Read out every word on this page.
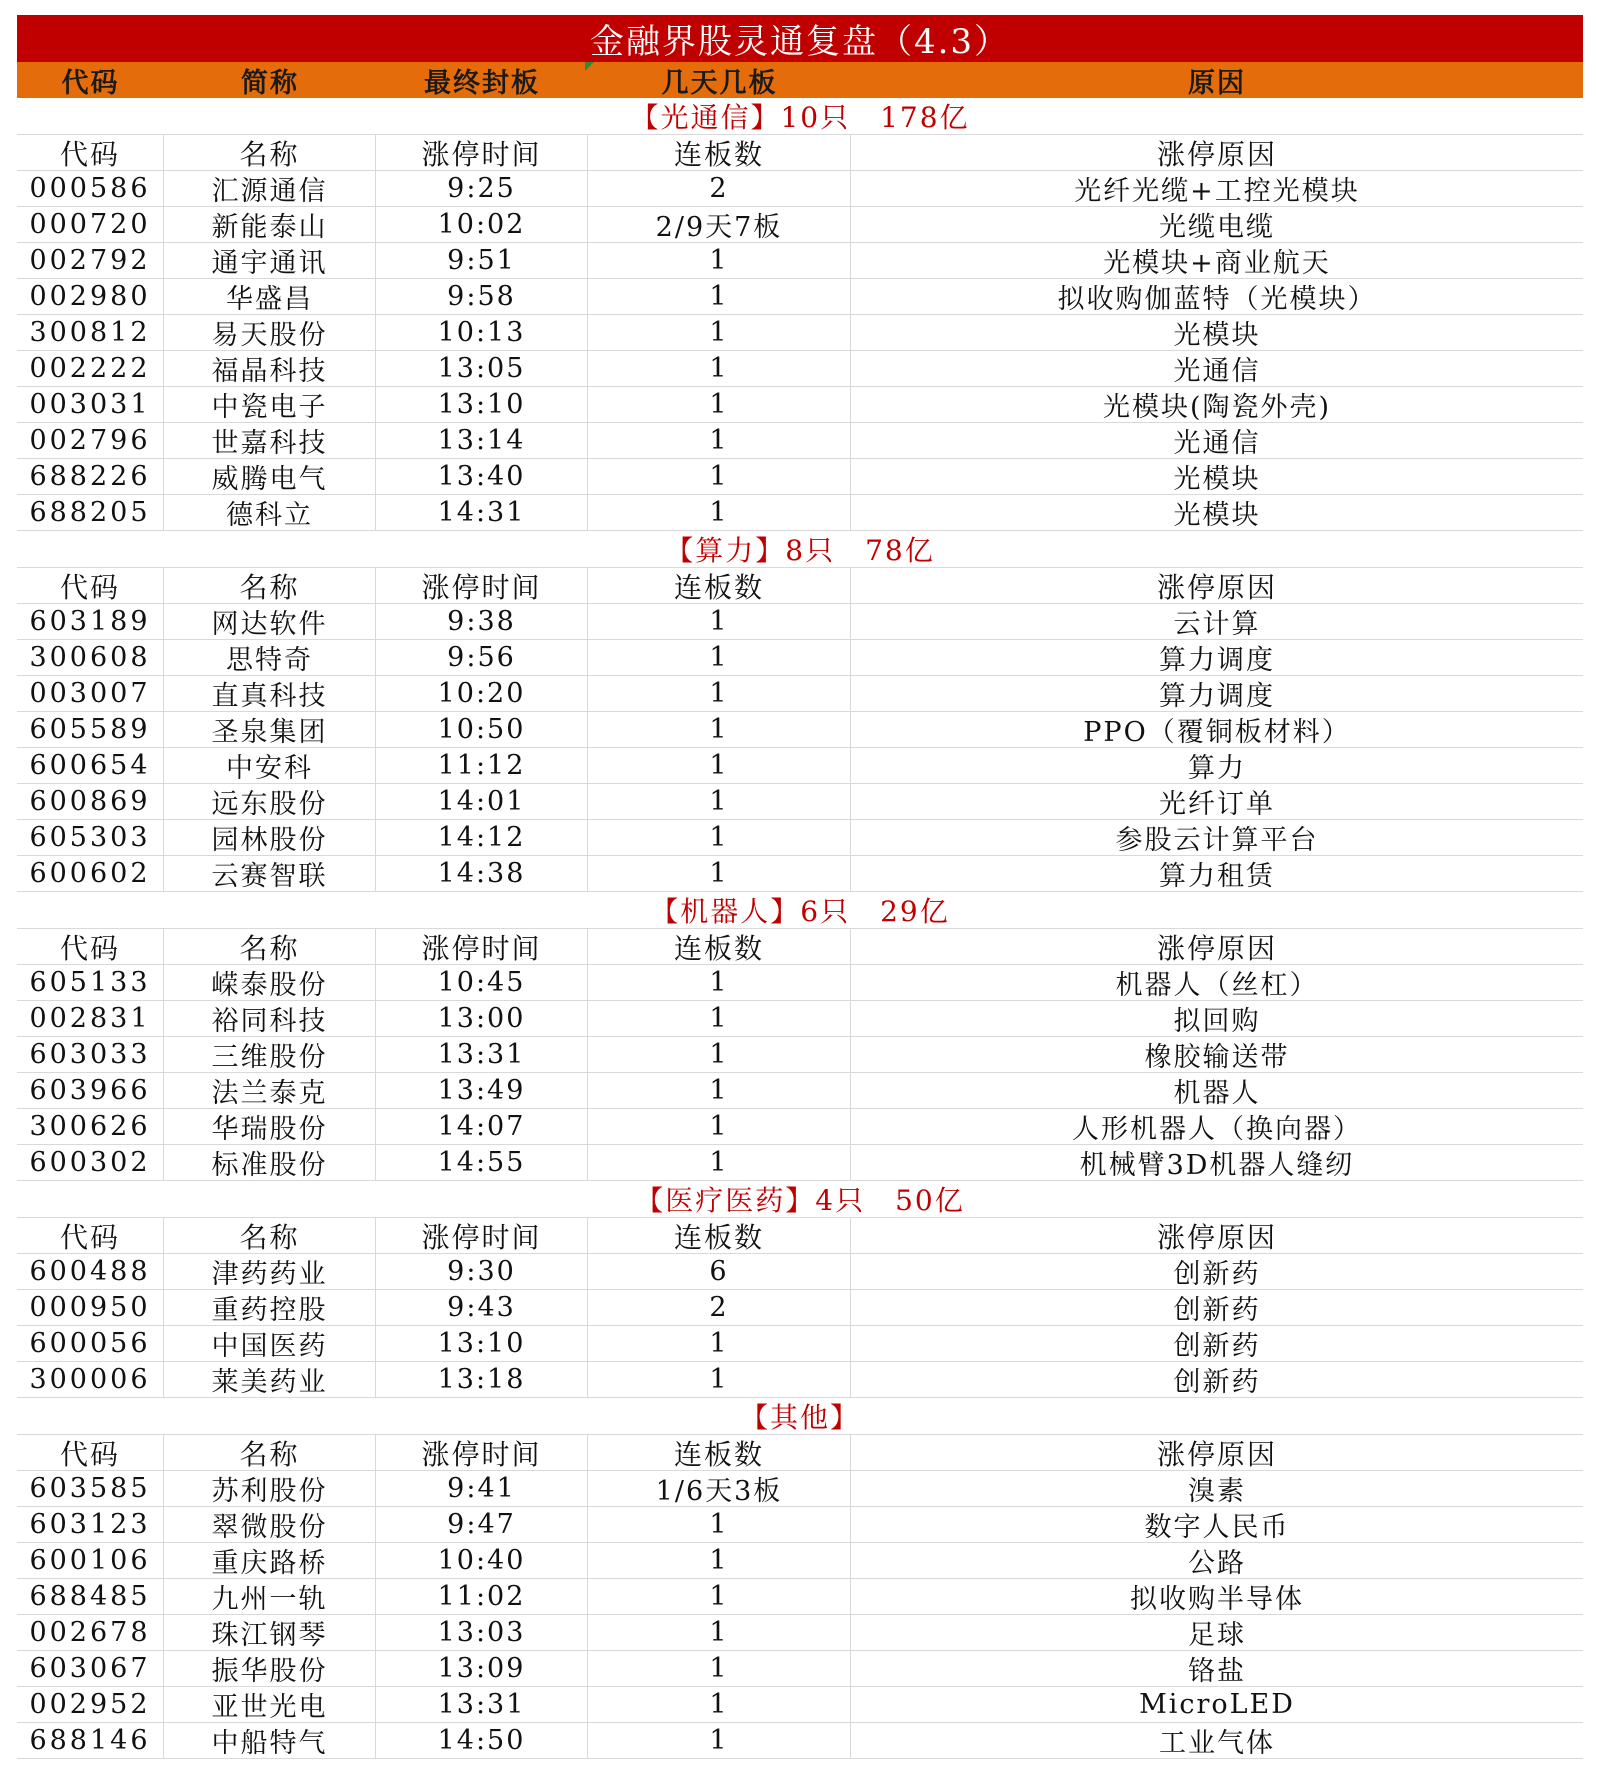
金融界股灵通复盘（4.3）
代码	简称	最终封板	几天几板	原因
【光通信】10只　178亿
代码	名称	涨停时间	连板数	涨停原因
000586	汇源通信	9:25	2	光纤光缆+工控光模块
000720	新能泰山	10:02	2/9天7板	光缆电缆
002792	通宇通讯	9:51	1	光模块+商业航天
002980	华盛昌	9:58	1	拟收购伽蓝特（光模块）
300812	易天股份	10:13	1	光模块
002222	福晶科技	13:05	1	光通信
003031	中瓷电子	13:10	1	光模块(陶瓷外壳)
002796	世嘉科技	13:14	1	光通信
688226	威腾电气	13:40	1	光模块
688205	德科立	14:31	1	光模块
【算力】8只　78亿
代码	名称	涨停时间	连板数	涨停原因
603189	网达软件	9:38	1	云计算
300608	思特奇	9:56	1	算力调度
003007	直真科技	10:20	1	算力调度
605589	圣泉集团	10:50	1	PPO（覆铜板材料）
600654	中安科	11:12	1	算力
600869	远东股份	14:01	1	光纤订单
605303	园林股份	14:12	1	参股云计算平台
600602	云赛智联	14:38	1	算力租赁
【机器人】6只　29亿
代码	名称	涨停时间	连板数	涨停原因
605133	嵘泰股份	10:45	1	机器人（丝杠）
002831	裕同科技	13:00	1	拟回购
603033	三维股份	13:31	1	橡胶输送带
603966	法兰泰克	13:49	1	机器人
300626	华瑞股份	14:07	1	人形机器人（换向器）
600302	标准股份	14:55	1	机械臂3D机器人缝纫
【医疗医药】4只　50亿
代码	名称	涨停时间	连板数	涨停原因
600488	津药药业	9:30	6	创新药
000950	重药控股	9:43	2	创新药
600056	中国医药	13:10	1	创新药
300006	莱美药业	13:18	1	创新药
【其他】
代码	名称	涨停时间	连板数	涨停原因
603585	苏利股份	9:41	1/6天3板	溴素
603123	翠微股份	9:47	1	数字人民币
600106	重庆路桥	10:40	1	公路
688485	九州一轨	11:02	1	拟收购半导体
002678	珠江钢琴	13:03	1	足球
603067	振华股份	13:09	1	铬盐
002952	亚世光电	13:31	1	MicroLED
688146	中船特气	14:50	1	工业气体
